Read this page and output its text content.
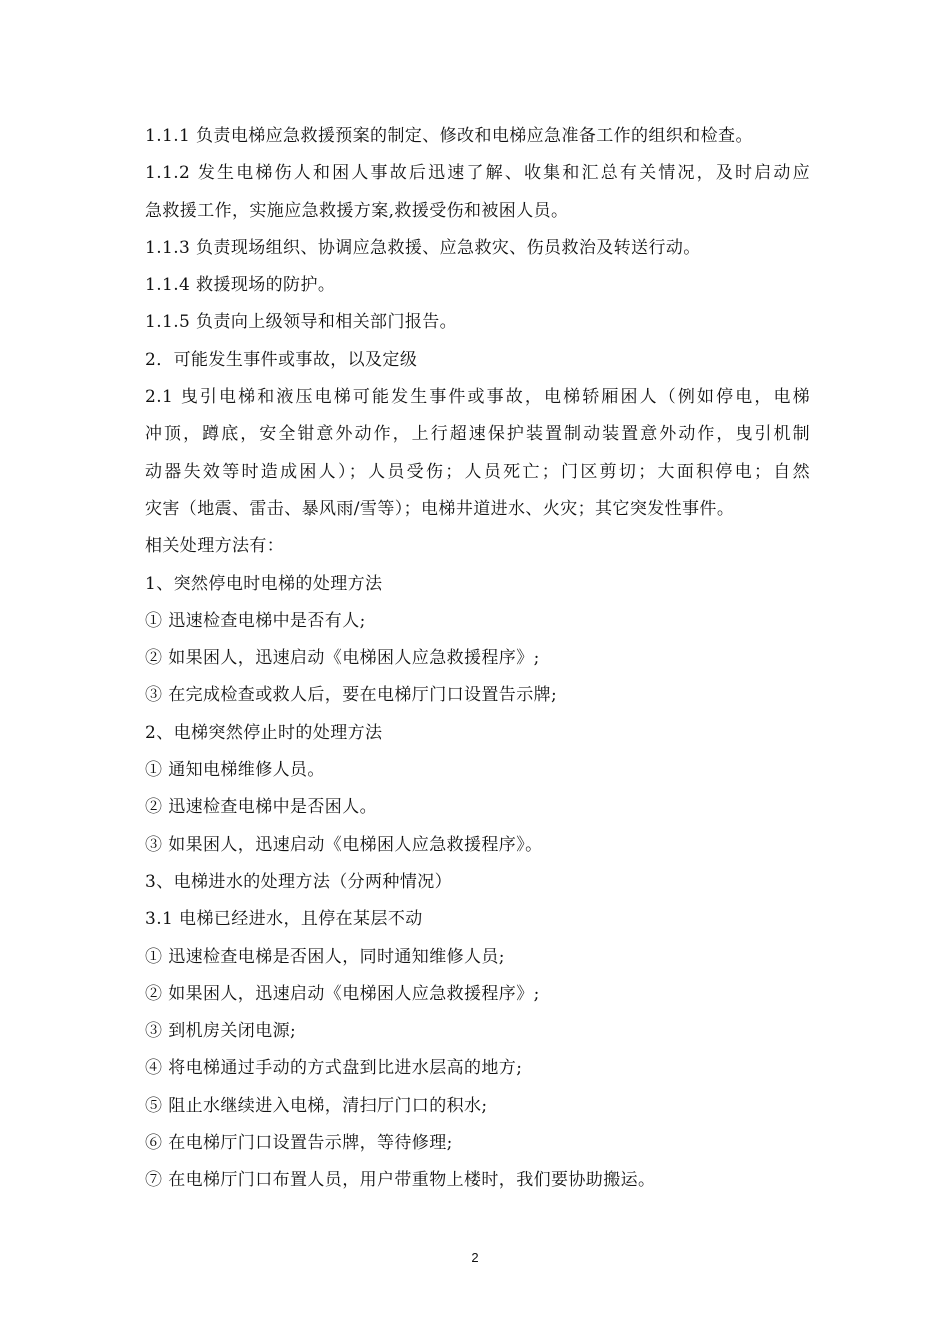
1.1.1 负责电梯应急救援预案的制定、修改和电梯应急准备工作的组织和检查。
1.1.2 发生电梯伤人和困人事故后迅速了解、收集和汇总有关情况，及时启动应
急救援工作，实施应急救援方案,救援受伤和被困人员。
1.1.3 负责现场组织、协调应急救援、应急救灾、伤员救治及转送行动。
1.1.4 救援现场的防护。
1.1.5 负责向上级领导和相关部门报告。
2．可能发生事件或事故，以及定级
2.1 曳引电梯和液压电梯可能发生事件或事故，电梯轿厢困人（例如停电，电梯
冲顶，蹲底，安全钳意外动作，上行超速保护装置制动装置意外动作，曳引机制
动器失效等时造成困人）；人员受伤；人员死亡；门区剪切；大面积停电；自然
灾害（地震、雷击、暴风雨/雪等）；电梯井道进水、火灾；其它突发性事件。
相关处理方法有：
1、突然停电时电梯的处理方法
① 迅速检查电梯中是否有人;
② 如果困人，迅速启动《电梯困人应急救援程序》;
③ 在完成检查或救人后，要在电梯厅门口设置告示牌;
2、电梯突然停止时的处理方法
① 通知电梯维修人员。
② 迅速检查电梯中是否困人。
③ 如果困人，迅速启动《电梯困人应急救援程序》。
3、电梯进水的处理方法（分两种情况）
3.1 电梯已经进水，且停在某层不动
① 迅速检查电梯是否困人，同时通知维修人员;
② 如果困人，迅速启动《电梯困人应急救援程序》;
③ 到机房关闭电源;
④ 将电梯通过手动的方式盘到比进水层高的地方;
⑤ 阻止水继续进入电梯，清扫厅门口的积水;
⑥ 在电梯厅门口设置告示牌，等待修理;
⑦ 在电梯厅门口布置人员，用户带重物上楼时，我们要协助搬运。
2
